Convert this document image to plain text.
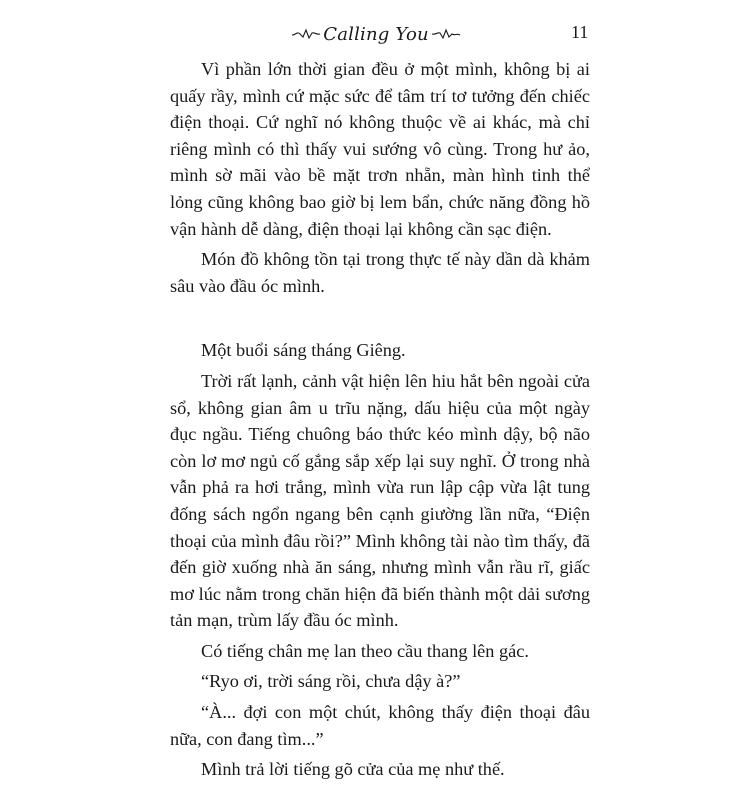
Calling You	11

Vì phần lớn thời gian đều ở một mình, không bị ai quấy rầy, mình cứ mặc sức để tâm trí tơ tưởng đến chiếc điện thoại. Cứ nghĩ nó không thuộc về ai khác, mà chỉ riêng mình có thì thấy vui sướng vô cùng. Trong hư ảo, mình sờ mãi vào bề mặt trơn nhẵn, màn hình tinh thể lỏng cũng không bao giờ bị lem bẩn, chức năng đồng hồ vận hành dễ dàng, điện thoại lại không cần sạc điện.

Món đồ không tồn tại trong thực tế này dần dà khảm sâu vào đầu óc mình.

Một buổi sáng tháng Giêng.

Trời rất lạnh, cảnh vật hiện lên hiu hắt bên ngoài cửa sổ, không gian âm u trĩu nặng, dấu hiệu của một ngày đục ngầu. Tiếng chuông báo thức kéo mình dậy, bộ não còn lơ mơ ngủ cố gắng sắp xếp lại suy nghĩ. Ở trong nhà vẫn phả ra hơi trắng, mình vừa run lập cập vừa lật tung đống sách ngổn ngang bên cạnh giường lần nữa, “Điện thoại của mình đâu rồi?” Mình không tài nào tìm thấy, đã đến giờ xuống nhà ăn sáng, nhưng mình vẫn rầu rĩ, giấc mơ lúc nằm trong chăn hiện đã biến thành một dải sương tản mạn, trùm lấy đầu óc mình.

Có tiếng chân mẹ lan theo cầu thang lên gác.

“Ryo ơi, trời sáng rồi, chưa dậy à?”

“À... đợi con một chút, không thấy điện thoại đâu nữa, con đang tìm...”

Mình trả lời tiếng gõ cửa của mẹ như thế.
